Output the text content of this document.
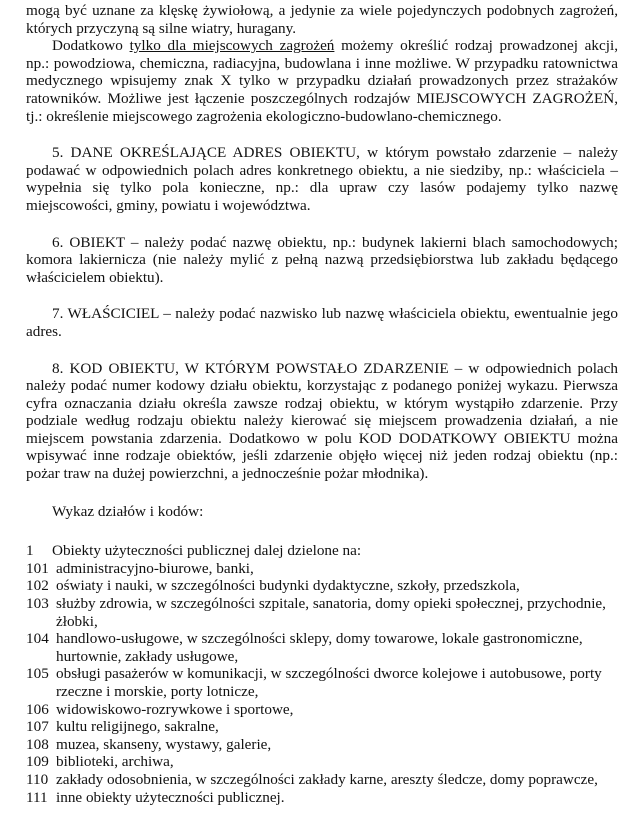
mogą być uznane za klęskę żywiołową, a jedynie za wiele pojedynczych podobnych zagrożeń, których przyczyną są silne wiatry, huragany.

Dodatkowo tylko dla miejscowych zagrożeń możemy określić rodzaj prowadzonej akcji, np.: powodziowa, chemiczna, radiacyjna, budowlana i inne możliwe. W przypadku ratownictwa medycznego wpisujemy znak X tylko w przypadku działań prowadzonych przez strażaków ratowników. Możliwe jest łączenie poszczególnych rodzajów MIEJSCOWYCH ZAGROŻEŃ, tj.: określenie miejscowego zagrożenia ekologiczno-budowlano-chemicznego.

5. DANE OKREŚLAJĄCE ADRES OBIEKTU, w którym powstało zdarzenie – należy podawać w odpowiednich polach adres konkretnego obiektu, a nie siedziby, np.: właściciela – wypełnia się tylko pola konieczne, np.: dla upraw czy lasów podajemy tylko nazwę miejscowości, gminy, powiatu i województwa.

6. OBIEKT – należy podać nazwę obiektu, np.: budynek lakierni blach samochodowych; komora lakiernicza (nie należy mylić z pełną nazwą przedsiębiorstwa lub zakładu będącego właścicielem obiektu).

7. WŁAŚCICIEL – należy podać nazwisko lub nazwę właściciela obiektu, ewentualnie jego adres.

8. KOD OBIEKTU, W KTÓRYM POWSTAŁO ZDARZENIE – w odpowiednich polach należy podać numer kodowy działu obiektu, korzystając z podanego poniżej wykazu. Pierwsza cyfra oznaczania działu określa zawsze rodzaj obiektu, w którym wystąpiło zdarzenie. Przy podziale według rodzaju obiektu należy kierować się miejscem prowadzenia działań, a nie miejscem powstania zdarzenia. Dodatkowo w polu KOD DODATKOWY OBIEKTU można wpisywać inne rodzaje obiektów, jeśli zdarzenie objęło więcej niż jeden rodzaj obiektu (np.: pożar traw na dużej powierzchni, a jednocześnie pożar młodnika).

Wykaz działów i kodów:

1	Obiekty użyteczności publicznej dalej dzielone na:
101 administracyjno-biurowe, banki,
102 oświaty i nauki, w szczególności budynki dydaktyczne, szkoły, przedszkola,
103 służby zdrowia, w szczególności szpitale, sanatoria, domy opieki społecznej, przychodnie, żłobki,
104 handlowo-usługowe, w szczególności sklepy, domy towarowe, lokale gastronomiczne, hurtownie, zakłady usługowe,
105 obsługi pasażerów w komunikacji, w szczególności dworce kolejowe i autobusowe, porty rzeczne i morskie, porty lotnicze,
106 widowiskowo-rozrywkowe i sportowe,
107 kultu religijnego, sakralne,
108 muzea, skanseny, wystawy, galerie,
109 biblioteki, archiwa,
110 zakłady odosobnienia, w szczególności zakłady karne, areszty śledcze, domy poprawcze,
111 inne obiekty użyteczności publicznej.
